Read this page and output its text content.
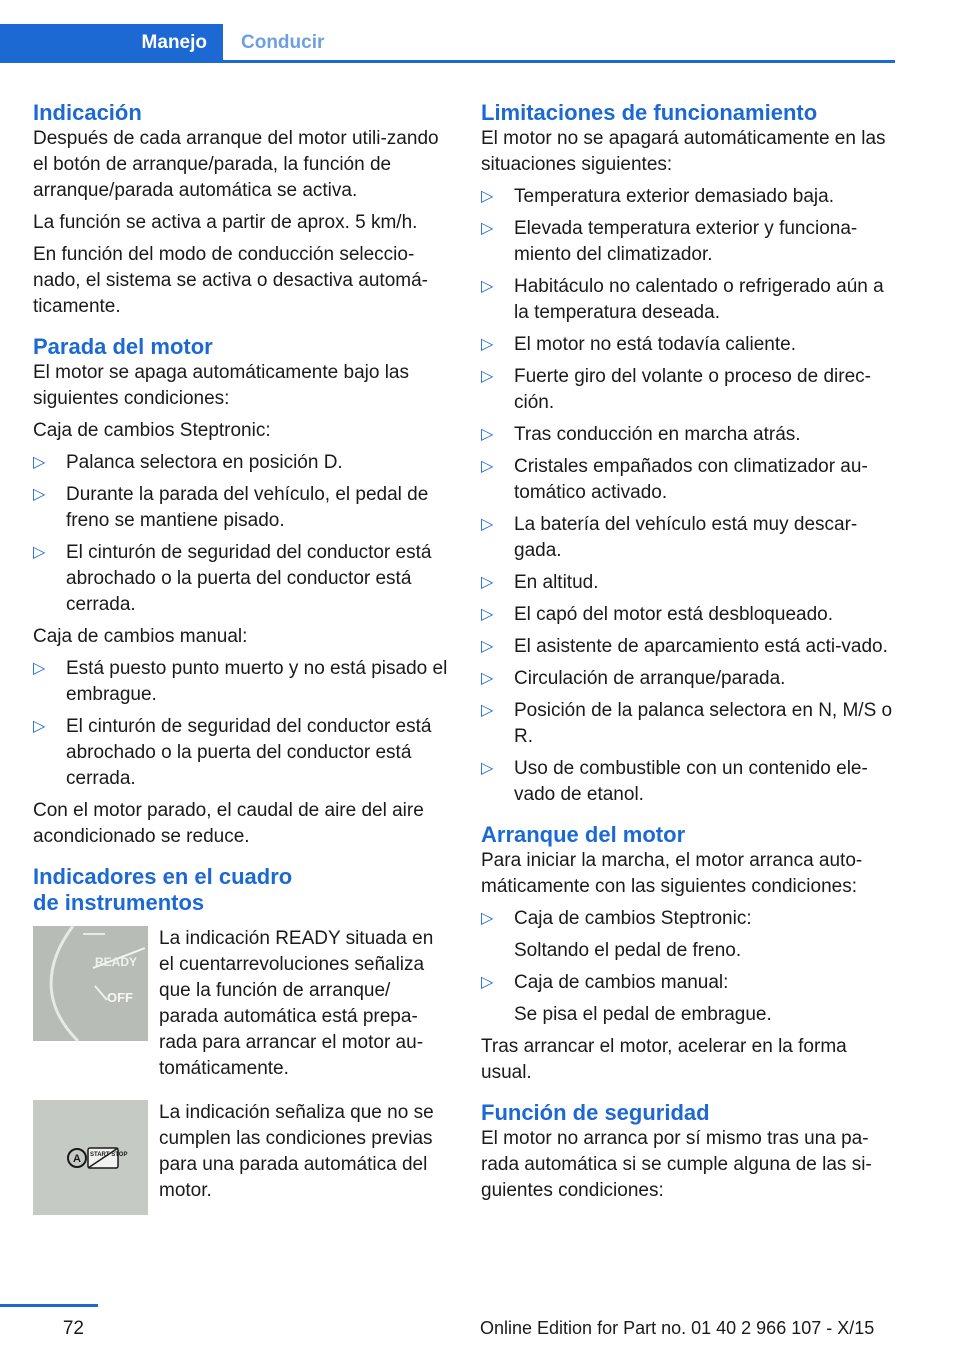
Manejo	Conducir
Indicación

Después de cada arranque del motor utili-zando el botón de arranque/parada, la función de arranque/parada automática se activa.

La función se activa a partir de aprox. 5 km/h.

En función del modo de conducción seleccio-nado, el sistema se activa o desactiva automá-ticamente.

Parada del motor

El motor se apaga automáticamente bajo las siguientes condiciones:

Caja de cambios Steptronic:

▷ Palanca selectora en posición D.
▷ Durante la parada del vehículo, el pedal de freno se mantiene pisado.
▷ El cinturón de seguridad del conductor está abrochado o la puerta del conductor está cerrada.

Caja de cambios manual:

▷ Está puesto punto muerto y no está pisado el embrague.
▷ El cinturón de seguridad del conductor está abrochado o la puerta del conductor está cerrada.

Con el motor parado, el caudal de aire del aire acondicionado se reduce.

Indicadores en el cuadro
de instrumentos
READY
OFF
La indicación READY situada en el cuentarrevoluciones señaliza que la función de arranque/ parada automática está prepa-rada para arrancar el motor au-tomáticamente.
A START STOP
La indicación señaliza que no se cumplen las condiciones previas para una parada automática del motor.
Limitaciones de funcionamiento

El motor no se apagará automáticamente en las situaciones siguientes:

▷ Temperatura exterior demasiado baja.
▷ Elevada temperatura exterior y funciona-miento del climatizador.
▷ Habitáculo no calentado o refrigerado aún a la temperatura deseada.
▷ El motor no está todavía caliente.
▷ Fuerte giro del volante o proceso de direc-ción.
▷ Tras conducción en marcha atrás.
▷ Cristales empañados con climatizador au-tomático activado.
▷ La batería del vehículo está muy descar-gada.
▷ En altitud.
▷ El capó del motor está desbloqueado.
▷ El asistente de aparcamiento está acti-vado.
▷ Circulación de arranque/parada.
▷ Posición de la palanca selectora en N, M/S o R.
▷ Uso de combustible con un contenido ele-vado de etanol.
Arranque del motor

Para iniciar la marcha, el motor arranca auto-máticamente con las siguientes condiciones:

▷ Caja de cambios Steptronic:
Soltando el pedal de freno.
▷ Caja de cambios manual:
Se pisa el pedal de embrague.

Tras arrancar el motor, acelerar en la forma usual.

Función de seguridad

El motor no arranca por sí mismo tras una pa-rada automática si se cumple alguna de las si-guientes condiciones:

72	Online Edition for Part no. 01 40 2 966 107 - X/15
